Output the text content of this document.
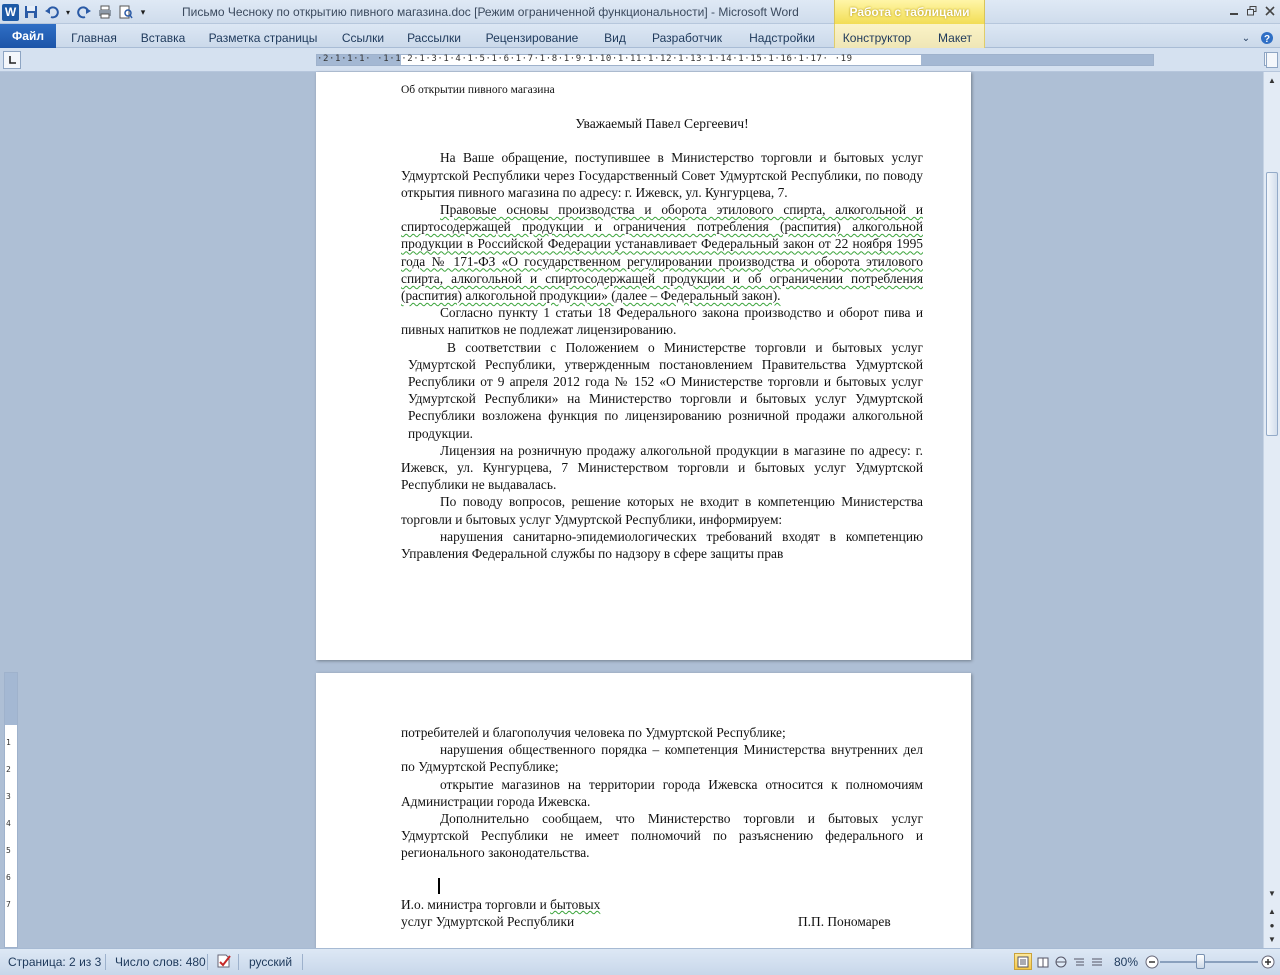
W	▾	▾	Письмо Чесноку по открытию пивного магазина.doc [Режим ограниченной функциональности] - Microsoft Word	Работа с таблицами
Файл	Главная Вставка Разметка страницы Ссылки Рассылки	Рецензирование	Вид	Разработчик	Надстройки	Конструктор	Макет	⌄	?
·2·1·1·1· ·1·1·2·1·3·1·4·1·5·1·6·1·7·1·8·1·9·1·10·1·11·1·12·1·13·1·14·1·15·1·16·1·17· ·19
1
2
3
4
5
6
7

Об открытии пивного магазина

Уважаемый Павел Сергеевич!

На Ваше обращение, поступившее в Министерство торговли и бытовых услуг Удмуртской Республики через Государственный Совет Удмуртской Республики, по поводу открытия пивного магазина по адресу: г. Ижевск, ул. Кунгурцева, 7.

Правовые основы производства и оборота этилового спирта, алкогольной и спиртосодержащей продукции и ограничения потребления (распития) алкогольной продукции в Российской Федерации устанавливает Федеральный закон от 22 ноября 1995 года № 171-ФЗ «О государственном регулировании производства и оборота этилового спирта, алкогольной и спиртосодержащей продукции и об ограничении потребления (распития) алкогольной продукции» (далее – Федеральный закон).

Согласно пункту 1 статьи 18 Федерального закона производство и оборот пива и пивных напитков не подлежат лицензированию.

В соответствии с Положением о Министерстве торговли и бытовых услуг Удмуртской Республики, утвержденным постановлением Правительства Удмуртской Республики от 9 апреля 2012 года № 152 «О Министерстве торговли и бытовых услуг Удмуртской Республики» на Министерство торговли и бытовых услуг Удмуртской Республики возложена функция по лицензированию розничной продажи алкогольной продукции.

Лицензия на розничную продажу алкогольной продукции в магазине по адресу: г. Ижевск, ул. Кунгурцева, 7 Министерством торговли и бытовых услуг Удмуртской Республики не выдавалась.

По поводу вопросов, решение которых не входит в компетенцию Министерства торговли и бытовых услуг Удмуртской Республики, информируем:

нарушения санитарно-эпидемиологических требований входят в компетенцию Управления Федеральной службы по надзору в сфере защиты прав

потребителей и благополучия человека по Удмуртской Республике;

нарушения общественного порядка – компетенция Министерства внутренних дел по Удмуртской Республике;

открытие магазинов на территории города Ижевска относится к полномочиям Администрации города Ижевска.

Дополнительно сообщаем, что Министерство торговли и бытовых услуг Удмуртской Республики не имеет полномочий по разъяснению федерального и регионального законодательства.

И.о. министра торговли и бытовых
услуг Удмуртской Республики	П.П. Пономарев
▲
▼
▲
●
▼
Страница: 2 из 3 Число слов: 480	русский	80%
